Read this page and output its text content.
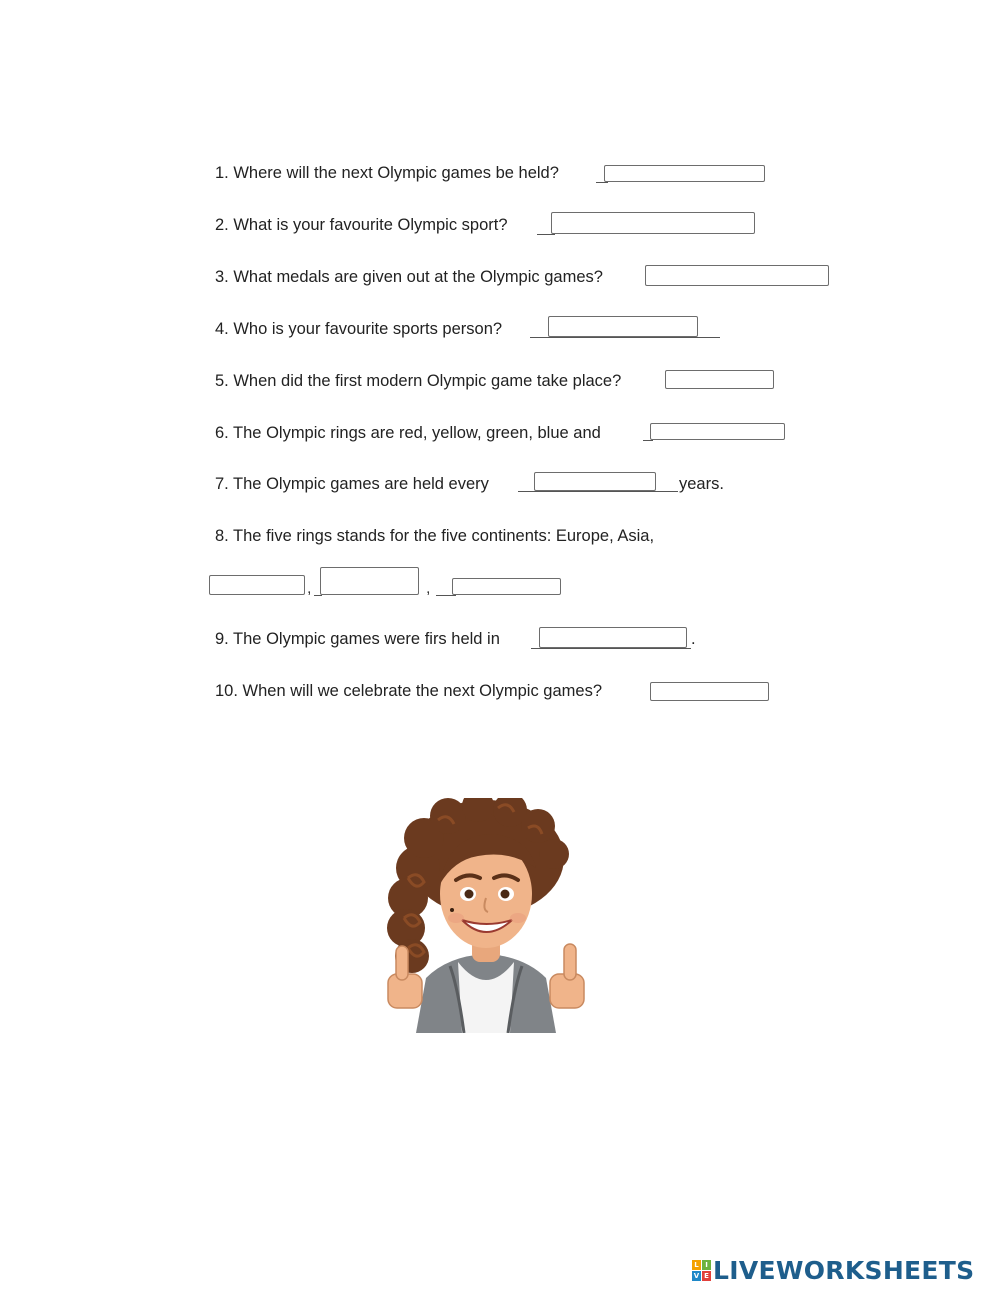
1. Where will the next Olympic games be held?
2. What is your favourite Olympic sport?
3. What medals are given out at the Olympic games?
4. Who is your favourite sports person?
5. When did the first modern Olympic game take place?
6. The Olympic rings are red, yellow, green, blue and
7. The Olympic games are held every	years.
8. The five rings stands for the five continents: Europe, Asia,
,	,
9. The Olympic games were firs held in	.
10. When will we celebrate the next Olympic games?
L I
V E LIVEWORKSHEETS
